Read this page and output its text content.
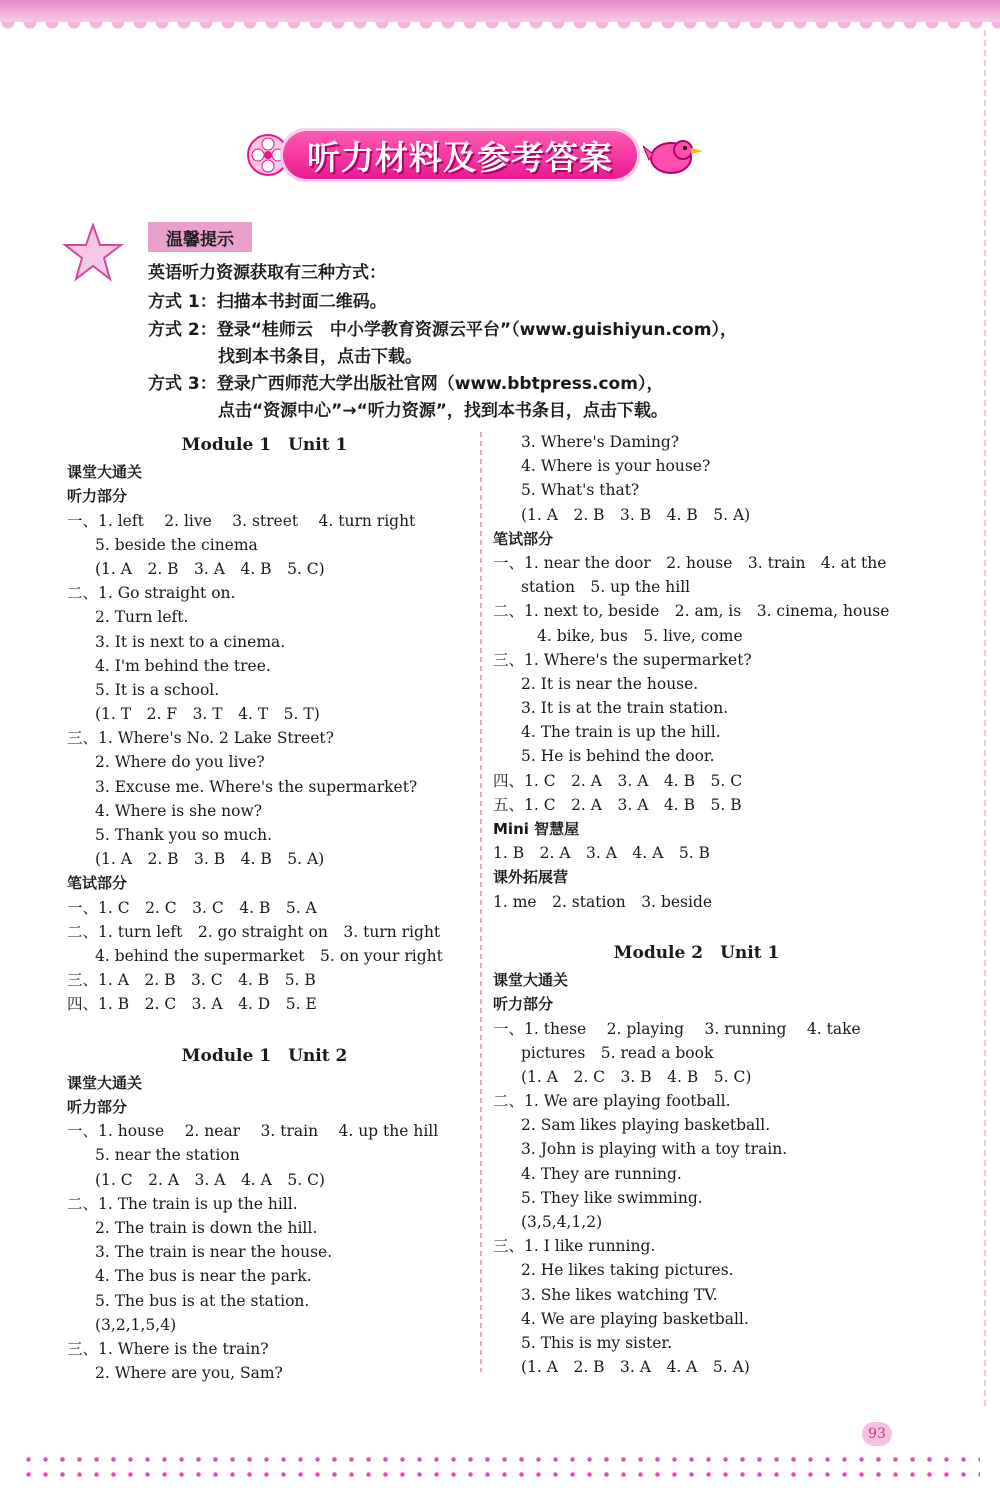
听力材料及参考答案
温馨提示
英语听力资源获取有三种方式：
方式 1：扫描本书封面二维码。
方式 2：登录“桂师云　中小学教育资源云平台”（www.guishiyun.com），
找到本书条目，点击下载。
方式 3：登录广西师范大学出版社官网（www.bbtpress.com），
点击“资源中心”→“听力资源”，找到本书条目，点击下载。
Module 1　Unit 1
课堂大通关
听力部分
一、1. left　 2. live　 3. street　 4. turn right
5. beside the cinema
(1. A　2. B　3. A　4. B　5. C)
二、1. Go straight on.
2. Turn left.
3. It is next to a cinema.
4. I'm behind the tree.
5. It is a school.
(1. T　2. F　3. T　4. T　5. T)
三、1. Where's No. 2 Lake Street?
2. Where do you live?
3. Excuse me. Where's the supermarket?
4. Where is she now?
5. Thank you so much.
(1. A　2. B　3. B　4. B　5. A)
笔试部分
一、1. C　2. C　3. C　4. B　5. A
二、1. turn left　2. go straight on　3. turn right
4. behind the supermarket　5. on your right
三、1. A　2. B　3. C　4. B　5. B
四、1. B　2. C　3. A　4. D　5. E
Module 1　Unit 2
课堂大通关
听力部分
一、1. house　 2. near　 3. train　 4. up the hill
5. near the station
(1. C　2. A　3. A　4. A　5. C)
二、1. The train is up the hill.
2. The train is down the hill.
3. The train is near the house.
4. The bus is near the park.
5. The bus is at the station.
(3,2,1,5,4)
三、1. Where is the train?
2. Where are you, Sam?
3. Where's Daming?
4. Where is your house?
5. What's that?
(1. A　2. B　3. B　4. B　5. A)
笔试部分
一、1. near the door　2. house　3. train　4. at the
station　5. up the hill
二、1. next to, beside　2. am, is　3. cinema, house
4. bike, bus　5. live, come
三、1. Where's the supermarket?
2. It is near the house.
3. It is at the train station.
4. The train is up the hill.
5. He is behind the door.
四、1. C　2. A　3. A　4. B　5. C
五、1. C　2. A　3. A　4. B　5. B
Mini 智慧屋
1. B　2. A　3. A　4. A　5. B
课外拓展营
1. me　2. station　3. beside
Module 2　Unit 1
课堂大通关
听力部分
一、1. these　 2. playing　 3. running　 4. take
pictures　5. read a book
(1. A　2. C　3. B　4. B　5. C)
二、1. We are playing football.
2. Sam likes playing basketball.
3. John is playing with a toy train.
4. They are running.
5. They like swimming.
(3,5,4,1,2)
三、1. I like running.
2. He likes taking pictures.
3. She likes watching TV.
4. We are playing basketball.
5. This is my sister.
(1. A　2. B　3. A　4. A　5. A)
93
